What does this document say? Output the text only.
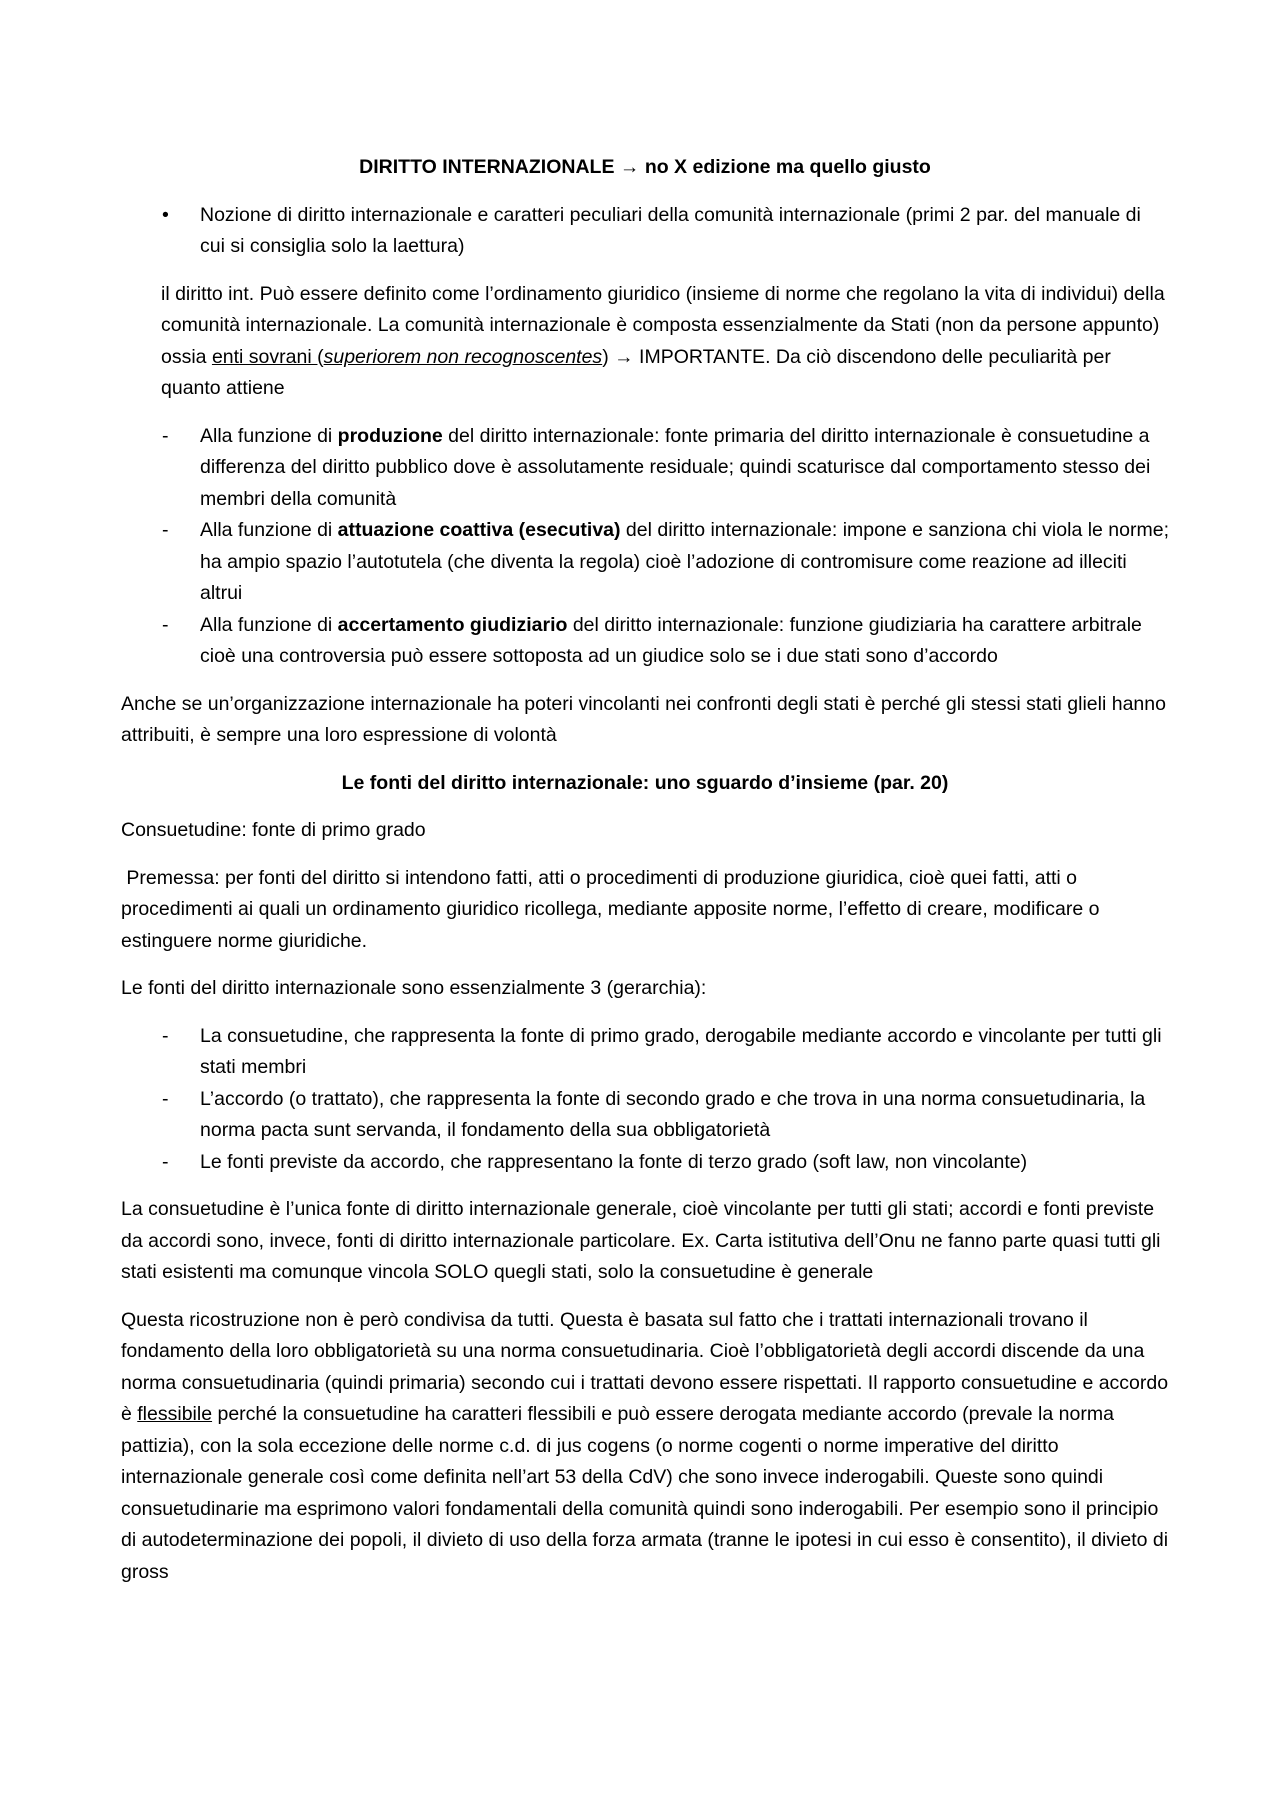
DIRITTO INTERNAZIONALE → no X edizione ma quello giusto

• Nozione di diritto internazionale e caratteri peculiari della comunità internazionale (primi 2 par. del manuale di cui si consiglia solo la laettura)

il diritto int. Può essere definito come l’ordinamento giuridico (insieme di norme che regolano la vita di individui) della comunità internazionale. La comunità internazionale è composta essenzialmente da Stati (non da persone appunto) ossia enti sovrani (superiorem non recognoscentes) → IMPORTANTE. Da ciò discendono delle peculiarità per quanto attiene

- Alla funzione di produzione del diritto internazionale: fonte primaria del diritto internazionale è consuetudine a differenza del diritto pubblico dove è assolutamente residuale; quindi scaturisce dal comportamento stesso dei membri della comunità
- Alla funzione di attuazione coattiva (esecutiva) del diritto internazionale: impone e sanziona chi viola le norme; ha ampio spazio l’autotutela (che diventa la regola) cioè l’adozione di contromisure come reazione ad illeciti altrui
- Alla funzione di accertamento giudiziario del diritto internazionale: funzione giudiziaria ha carattere arbitrale cioè una controversia può essere sottoposta ad un giudice solo se i due stati sono d’accordo

Anche se un’organizzazione internazionale ha poteri vincolanti nei confronti degli stati è perché gli stessi stati glieli hanno attribuiti, è sempre una loro espressione di volontà

Le fonti del diritto internazionale: uno sguardo d’insieme (par. 20)

Consuetudine: fonte di primo grado

Premessa: per fonti del diritto si intendono fatti, atti o procedimenti di produzione giuridica, cioè quei fatti, atti o procedimenti ai quali un ordinamento giuridico ricollega, mediante apposite norme, l’effetto di creare, modificare o estinguere norme giuridiche.

Le fonti del diritto internazionale sono essenzialmente 3 (gerarchia):

- La consuetudine, che rappresenta la fonte di primo grado, derogabile mediante accordo e vincolante per tutti gli stati membri
- L’accordo (o trattato), che rappresenta la fonte di secondo grado e che trova in una norma consuetudinaria, la norma pacta sunt servanda, il fondamento della sua obbligatorietà
- Le fonti previste da accordo, che rappresentano la fonte di terzo grado (soft law, non vincolante)

La consuetudine è l’unica fonte di diritto internazionale generale, cioè vincolante per tutti gli stati; accordi e fonti previste da accordi sono, invece, fonti di diritto internazionale particolare. Ex. Carta istitutiva dell’Onu ne fanno parte quasi tutti gli stati esistenti ma comunque vincola SOLO quegli stati, solo la consuetudine è generale

Questa ricostruzione non è però condivisa da tutti. Questa è basata sul fatto che i trattati internazionali trovano il fondamento della loro obbligatorietà su una norma consuetudinaria. Cioè l’obbligatorietà degli accordi discende da una norma consuetudinaria (quindi primaria) secondo cui i trattati devono essere rispettati. Il rapporto consuetudine e accordo è flessibile perché la consuetudine ha caratteri flessibili e può essere derogata mediante accordo (prevale la norma pattizia), con la sola eccezione delle norme c.d. di jus cogens (o norme cogenti o norme imperative del diritto internazionale generale così come definita nell’art 53 della CdV) che sono invece inderogabili. Queste sono quindi consuetudinarie ma esprimono valori fondamentali della comunità quindi sono inderogabili. Per esempio sono il principio di autodeterminazione dei popoli, il divieto di uso della forza armata (tranne le ipotesi in cui esso è consentito), il divieto di gross
